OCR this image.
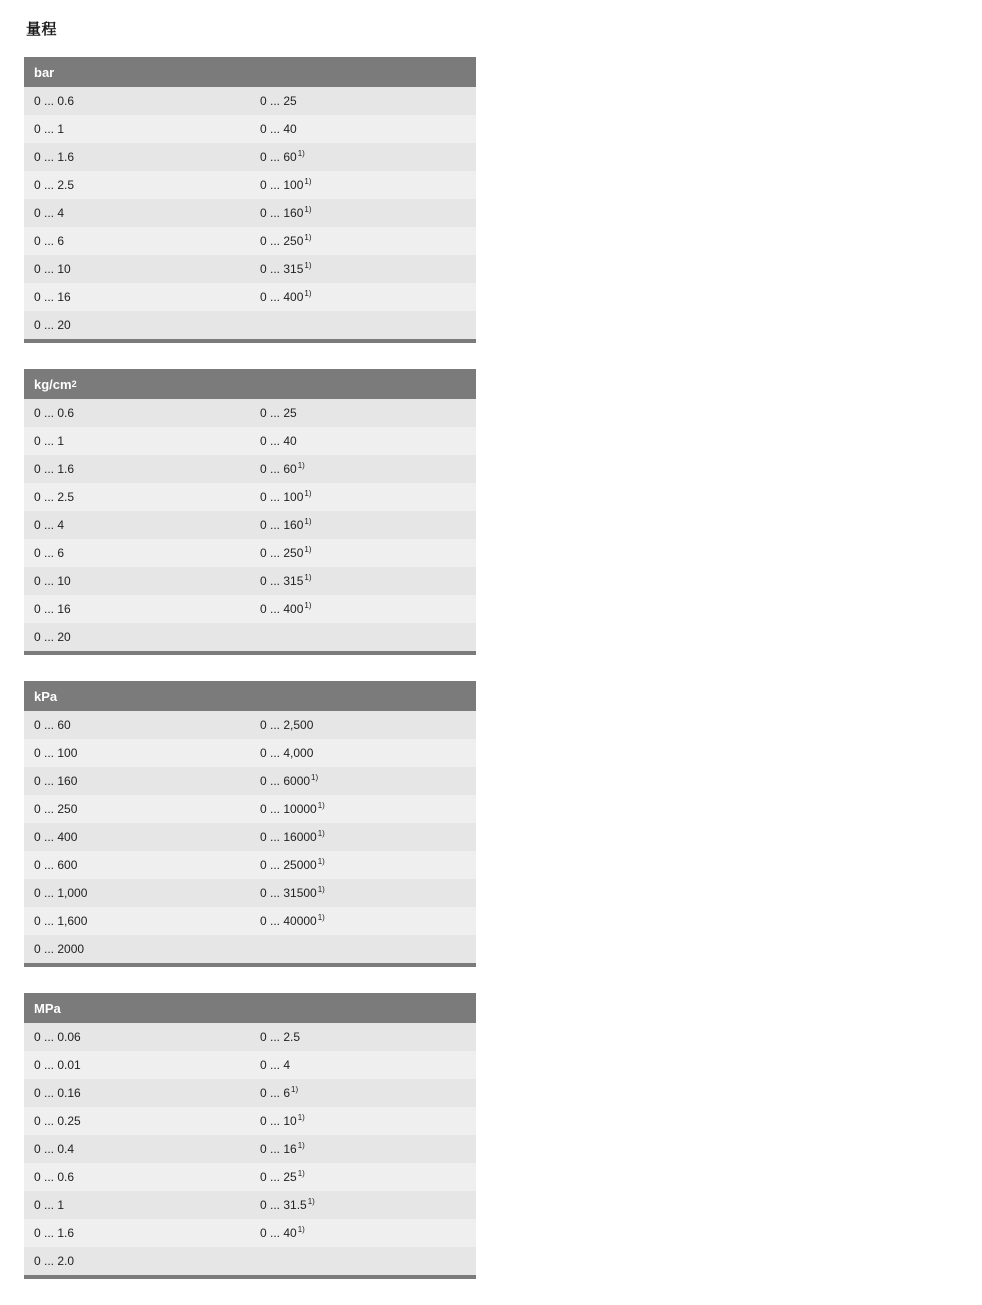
量程
bar
0 ... 0.6	0 ... 25
0 ... 1	0 ... 40
0 ... 1.6	0 ... 60$^{1)}$
0 ... 2.5	0 ... 100$^{1)}$
0 ... 4	0 ... 160$^{1)}$
0 ... 6	0 ... 250$^{1)}$
0 ... 10	0 ... 315$^{1)}$
0 ... 16	0 ... 400$^{1)}$
0 ... 20
kg/cm 2
0 ... 0.6	0 ... 25
0 ... 1	0 ... 40
0 ... 1.6	0 ... 60$^{1)}$
0 ... 2.5	0 ... 100$^{1)}$
0 ... 4	0 ... 160$^{1)}$
0 ... 6	0 ... 250$^{1)}$
0 ... 10	0 ... 315$^{1)}$
0 ... 16	0 ... 400$^{1)}$
0 ... 20
kPa
0 ... 60	0 ... 2,500
0 ... 100	0 ... 4,000
0 ... 160	0 ... 6000$^{1)}$
0 ... 250	0 ... 10000$^{1)}$
0 ... 400	0 ... 16000$^{1)}$
0 ... 600	0 ... 25000$^{1)}$
0 ... 1,000	0 ... 31500$^{1)}$
0 ... 1,600	0 ... 40000$^{1)}$
0 ... 2000
MPa
0 ... 0.06	0 ... 2.5
0 ... 0.01	0 ... 4
0 ... 0.16	0 ... 6$^{1)}$
0 ... 0.25	0 ... 10$^{1)}$
0 ... 0.4	0 ... 16$^{1)}$
0 ... 0.6	0 ... 25$^{1)}$
0 ... 1	0 ... 31.5$^{1)}$
0 ... 1.6	0 ... 40$^{1)}$
0 ... 2.0
